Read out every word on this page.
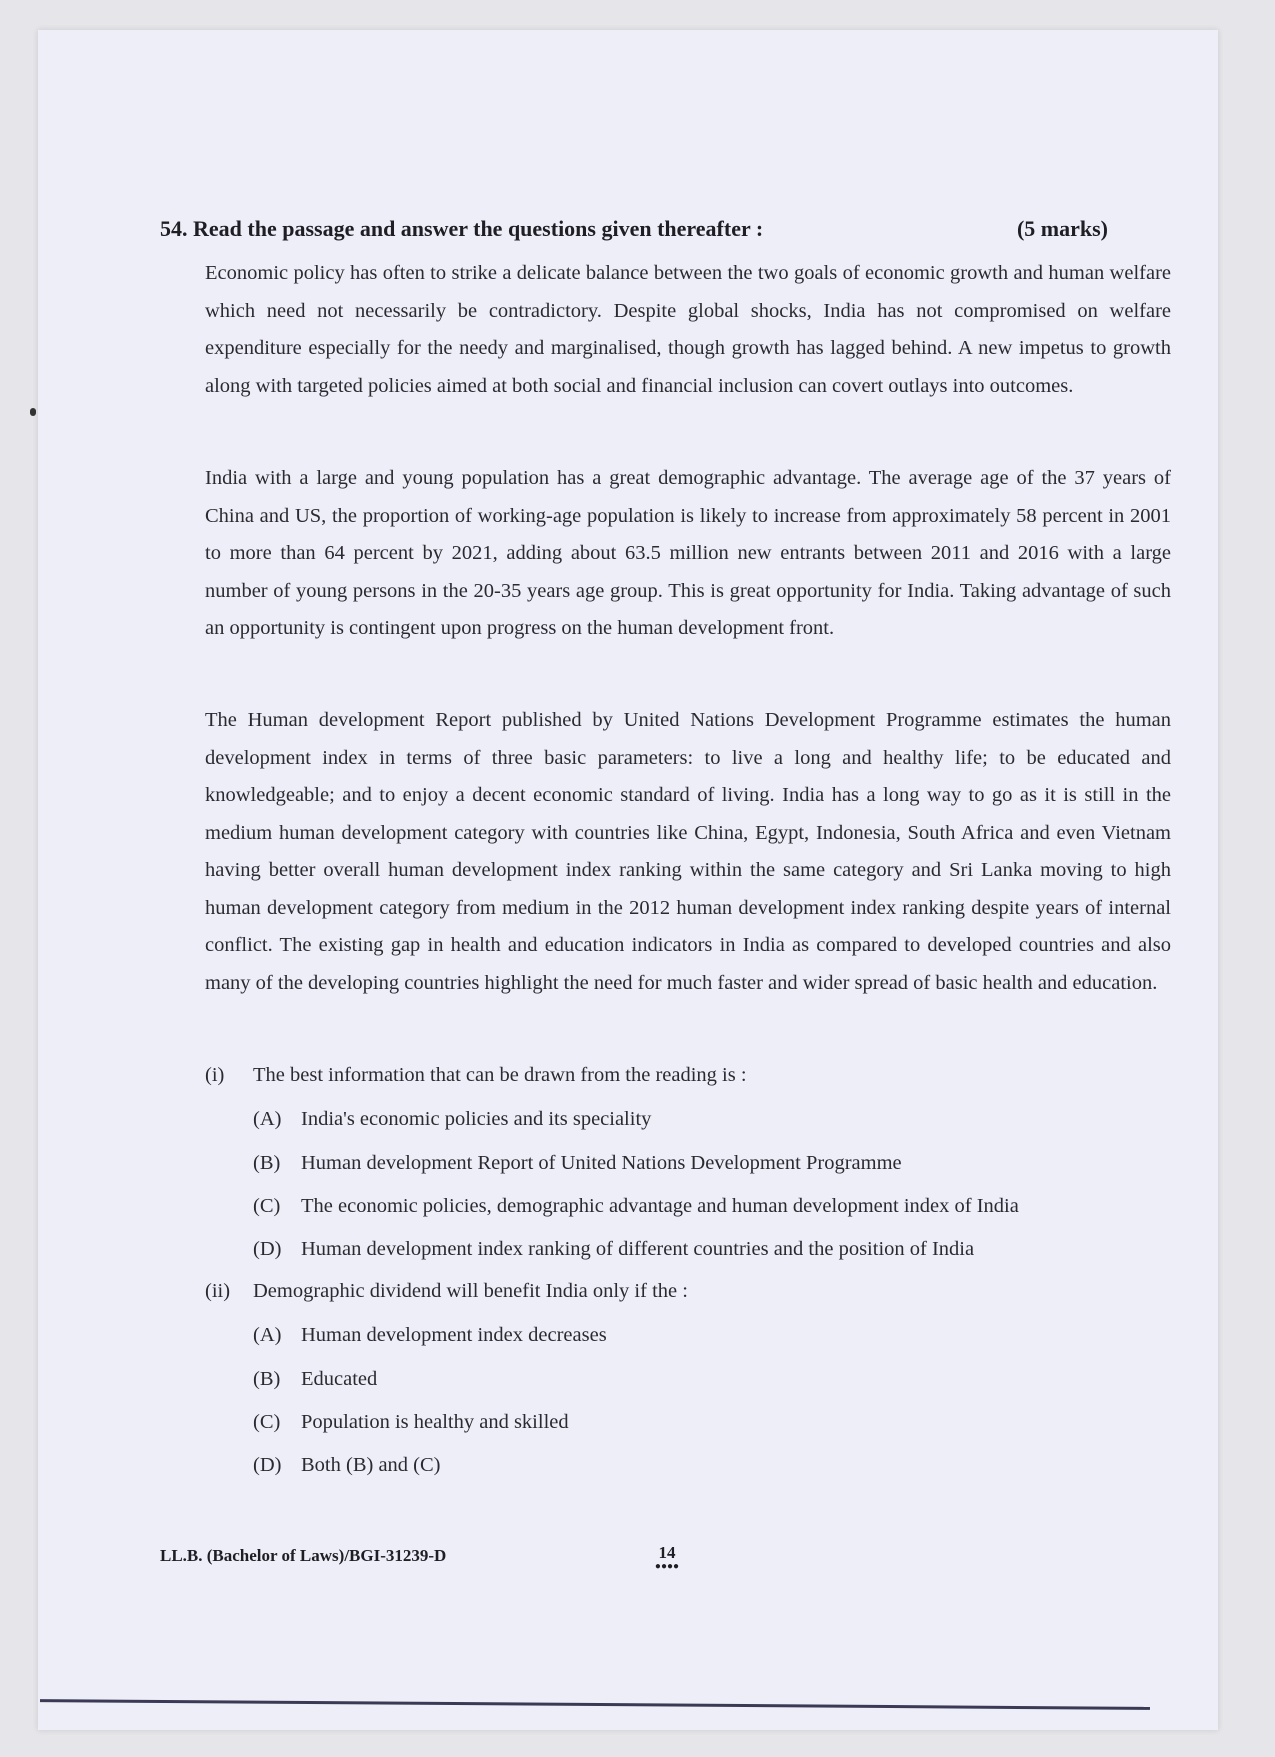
54. Read the passage and answer the questions given thereafter :	(5 marks)

Economic policy has often to strike a delicate balance between the two goals of economic growth and human welfare which need not necessarily be contradictory. Despite global shocks, India has not compromised on welfare expenditure especially for the needy and marginalised, though growth has lagged behind. A new impetus to growth along with targeted policies aimed at both social and financial inclusion can covert outlays into outcomes.

India with a large and young population has a great demographic advantage. The average age of the 37 years of China and US, the proportion of working-age population is likely to increase from approximately 58 percent in 2001 to more than 64 percent by 2021, adding about 63.5 million new entrants between 2011 and 2016 with a large number of young persons in the 20-35 years age group. This is great opportunity for India. Taking advantage of such an opportunity is contingent upon progress on the human development front.

The Human development Report published by United Nations Development Programme estimates the human development index in terms of three basic parameters: to live a long and healthy life; to be educated and knowledgeable; and to enjoy a decent economic standard of living. India has a long way to go as it is still in the medium human development category with countries like China, Egypt, Indonesia, South Africa and even Vietnam having better overall human development index ranking within the same category and Sri Lanka moving to high human development category from medium in the 2012 human development index ranking despite years of internal conflict. The existing gap in health and education indicators in India as compared to developed countries and also many of the developing countries highlight the need for much faster and wider spread of basic health and education.

(i)	The best information that can be drawn from the reading is :
(A) India's economic policies and its speciality
(B)	Human development Report of United Nations Development Programme
(C)	The economic policies, demographic advantage and human development index of India
(D) Human development index ranking of different countries and the position of India
(ii)	Demographic dividend will benefit India only if the :
(A) Human development index decreases
(B)	Educated
(C)	Population is healthy and skilled
(D) Both (B) and (C)
LL.B. (Bachelor of Laws)/BGI-31239-D	14
●●●●
